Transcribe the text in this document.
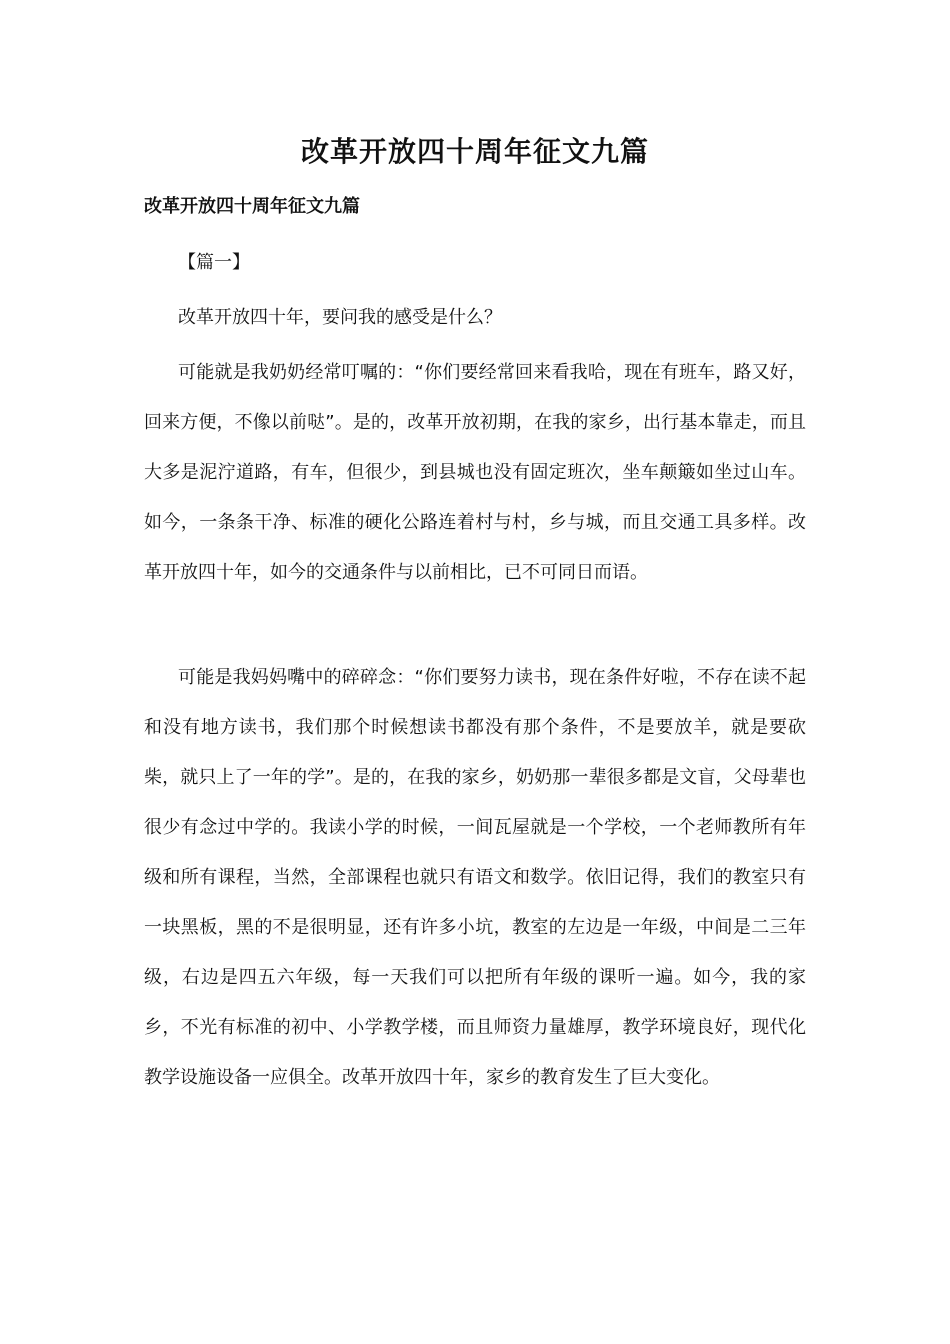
改革开放四十周年征文九篇
改革开放四十周年征文九篇

【篇一】

改革开放四十年，要问我的感受是什么？

可能就是我奶奶经常叮嘱的：“你们要经常回来看我哈，现在有班车，路又好，回来方便，不像以前哒”。是的，改革开放初期，在我的家乡，出行基本靠走，而且大多是泥泞道路，有车，但很少，到县城也没有固定班次，坐车颠簸如坐过山车。如今，一条条干净、标准的硬化公路连着村与村，乡与城，而且交通工具多样。改革开放四十年，如今的交通条件与以前相比，已不可同日而语。

可能是我妈妈嘴中的碎碎念：“你们要努力读书，现在条件好啦，不存在读不起和没有地方读书，我们那个时候想读书都没有那个条件，不是要放羊，就是要砍柴，就只上了一年的学”。是的，在我的家乡，奶奶那一辈很多都是文盲，父母辈也很少有念过中学的。我读小学的时候，一间瓦屋就是一个学校，一个老师教所有年级和所有课程，当然，全部课程也就只有语文和数学。依旧记得，我们的教室只有一块黑板，黑的不是很明显，还有许多小坑，教室的左边是一年级，中间是二三年级，右边是四五六年级，每一天我们可以把所有年级的课听一遍。如今，我的家乡，不光有标准的初中、小学教学楼，而且师资力量雄厚，教学环境良好，现代化教学设施设备一应俱全。改革开放四十年，家乡的教育发生了巨大变化。
